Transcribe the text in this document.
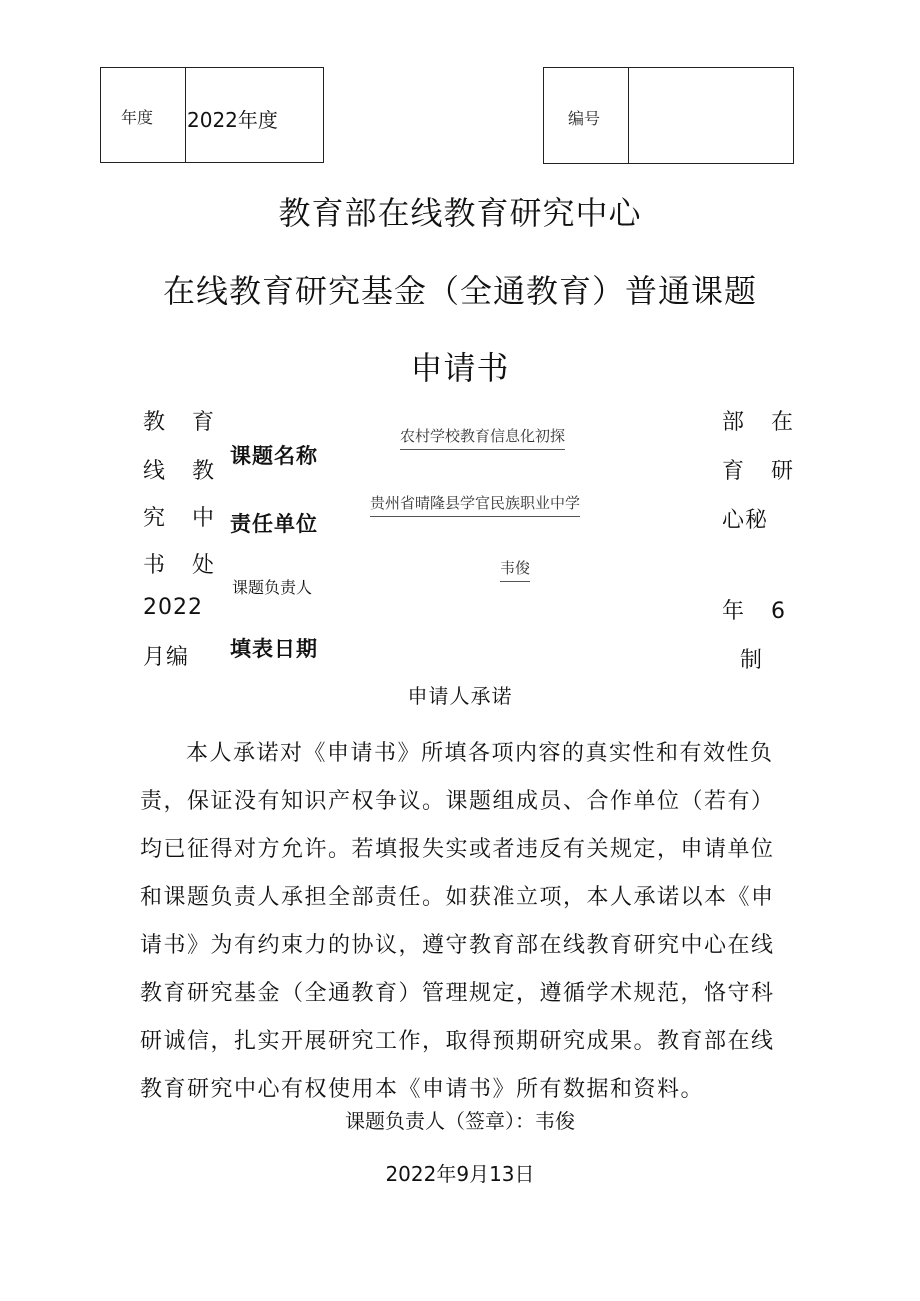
年度 2022年度	编号
教育部在线教育研究中心
在线教育研究基金（全通教育）普通课题
申请书
教 育
线 教
究 中
书 处
2022
月编
部 在
育 研
心秘
年 6
制
课题名称
责任单位
课题负责人
填表日期
农村学校教育信息化初探
贵州省晴隆县学官民族职业中学
韦俊
申请人承诺
本人承诺对《申请书》所填各项内容的真实性和有效性负
责，保证没有知识产权争议。课题组成员、合作单位（若有）
均已征得对方允许。若填报失实或者违反有关规定，申请单位
和课题负责人承担全部责任。如获准立项，本人承诺以本《申
请书》为有约束力的协议，遵守教育部在线教育研究中心在线
教育研究基金（全通教育）管理规定，遵循学术规范，恪守科
研诚信，扎实开展研究工作，取得预期研究成果。教育部在线
教育研究中心有权使用本《申请书》所有数据和资料。
课题负责人（签章）：韦俊
2022年9月13日
